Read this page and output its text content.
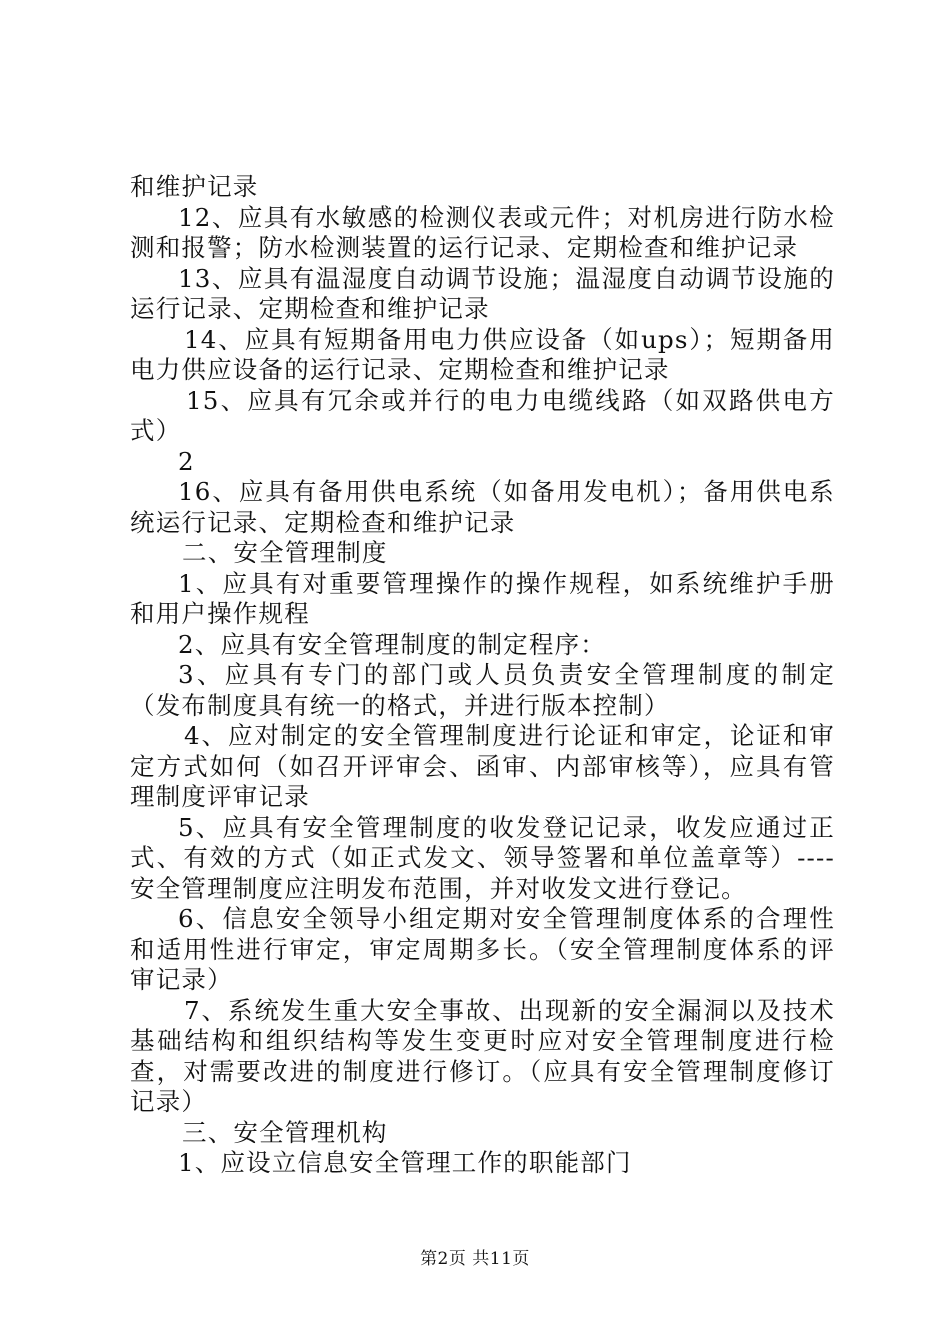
和维护记录

12、应具有水敏感的检测仪表或元件；对机房进行防水检测和报警；防水检测装置的运行记录、定期检查和维护记录

13、应具有温湿度自动调节设施；温湿度自动调节设施的运行记录、定期检查和维护记录

14、应具有短期备用电力供应设备（如ups）；短期备用电力供应设备的运行记录、定期检查和维护记录

15、应具有冗余或并行的电力电缆线路（如双路供电方式）

2

16、应具有备用供电系统（如备用发电机）；备用供电系统运行记录、定期检查和维护记录

二、安全管理制度

1、应具有对重要管理操作的操作规程，如系统维护手册和用户操作规程

2、应具有安全管理制度的制定程序：

3、应具有专门的部门或人员负责安全管理制度的制定（发布制度具有统一的格式，并进行版本控制）

4、应对制定的安全管理制度进行论证和审定，论证和审定方式如何（如召开评审会、函审、内部审核等），应具有管理制度评审记录

5、应具有安全管理制度的收发登记记录，收发应通过正式、有效的方式（如正式发文、领导签署和单位盖章等）----安全管理制度应注明发布范围，并对收发文进行登记。

6、信息安全领导小组定期对安全管理制度体系的合理性和适用性进行审定，审定周期多长。（安全管理制度体系的评审记录）

7、系统发生重大安全事故、出现新的安全漏洞以及技术基础结构和组织结构等发生变更时应对安全管理制度进行检查，对需要改进的制度进行修订。（应具有安全管理制度修订记录）

三、安全管理机构

1、应设立信息安全管理工作的职能部门

第2页 共11页
